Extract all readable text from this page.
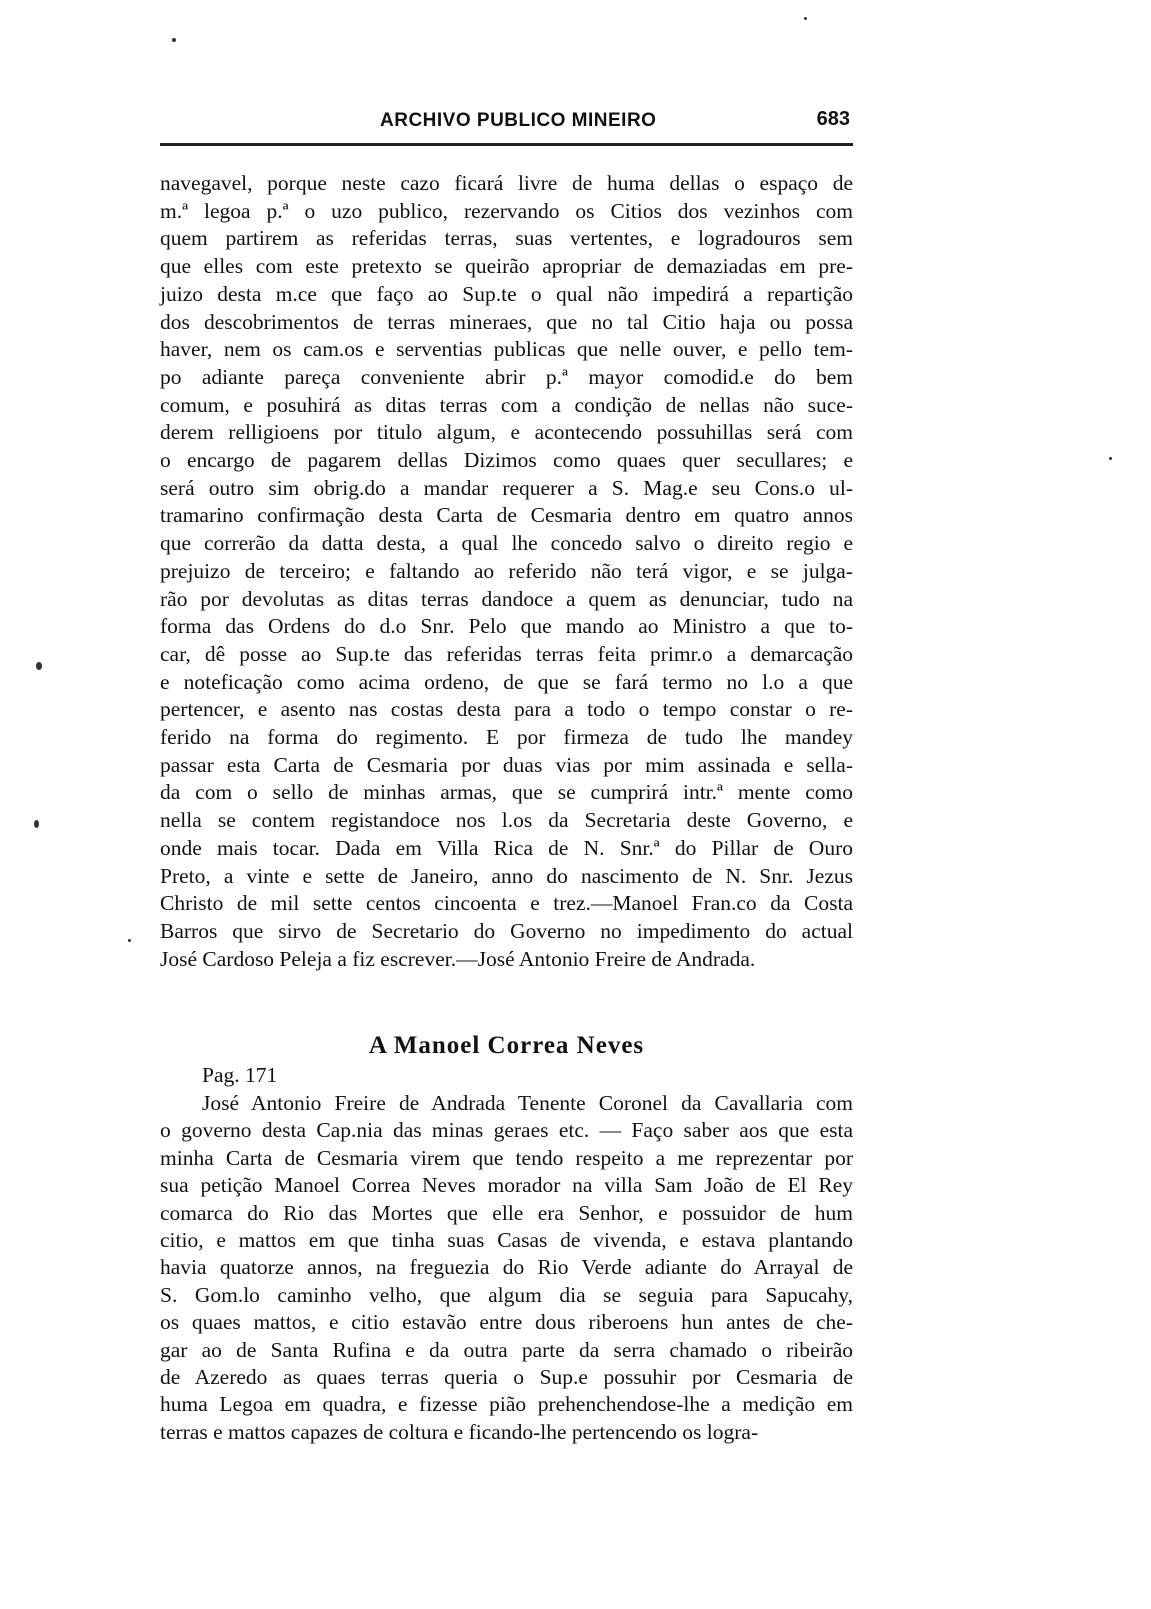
ARCHIVO PUBLICO MINEIRO	683
navegavel, porque neste cazo ficará livre de huma dellas o espaço de
m.ª legoa p.ª o uzo publico, rezervando os Citios dos vezinhos com
quem partirem as referidas terras, suas vertentes, e logradouros sem
que elles com este pretexto se queirão apropriar de demaziadas em pre-
juizo desta m.ce que faço ao Sup.te o qual não impedirá a repartição
dos descobrimentos de terras mineraes, que no tal Citio haja ou possa
haver, nem os cam.os e serventias publicas que nelle ouver, e pello tem-
po adiante pareça conveniente abrir p.ª mayor comodid.e do bem
comum, e posuhirá as ditas terras com a condição de nellas não suce-
derem relligioens por titulo algum, e acontecendo possuhillas será com
o encargo de pagarem dellas Dizimos como quaes quer secullares; e
será outro sim obrig.do a mandar requerer a S. Mag.e seu Cons.o ul-
tramarino confirmação desta Carta de Cesmaria dentro em quatro annos
que correrão da datta desta, a qual lhe concedo salvo o direito regio e
prejuizo de terceiro; e faltando ao referido não terá vigor, e se julga-
rão por devolutas as ditas terras dandoce a quem as denunciar, tudo na
forma das Ordens do d.o Snr. Pelo que mando ao Ministro a que to-
car, dê posse ao Sup.te das referidas terras feita primr.o a demarcação
e noteficação como acima ordeno, de que se fará termo no l.o a que
pertencer, e asento nas costas desta para a todo o tempo constar o re-
ferido na forma do regimento. E por firmeza de tudo lhe mandey
passar esta Carta de Cesmaria por duas vias por mim assinada e sella-
da com o sello de minhas armas, que se cumprirá intr.ª mente como
nella se contem registandoce nos l.os da Secretaria deste Governo, e
onde mais tocar. Dada em Villa Rica de N. Snr.ª do Pillar de Ouro
Preto, a vinte e sette de Janeiro, anno do nascimento de N. Snr. Jezus
Christo de mil sette centos cincoenta e trez.—Manoel Fran.co da Costa
Barros que sirvo de Secretario do Governo no impedimento do actual
José Cardoso Peleja a fiz escrever.—José Antonio Freire de Andrada.
A Manoel Correa Neves
Pag. 171
José Antonio Freire de Andrada Tenente Coronel da Cavallaria com
o governo desta Cap.nia das minas geraes etc. — Faço saber aos que esta
minha Carta de Cesmaria virem que tendo respeito a me reprezentar por
sua petição Manoel Correa Neves morador na villa Sam João de El Rey
comarca do Rio das Mortes que elle era Senhor, e possuidor de hum
citio, e mattos em que tinha suas Casas de vivenda, e estava plantando
havia quatorze annos, na freguezia do Rio Verde adiante do Arrayal de
S. Gom.lo caminho velho, que algum dia se seguia para Sapucahy,
os quaes mattos, e citio estavão entre dous riberoens hun antes de che-
gar ao de Santa Rufina e da outra parte da serra chamado o ribeirão
de Azeredo as quaes terras queria o Sup.e possuhir por Cesmaria de
huma Legoa em quadra, e fizesse pião prehenchendose-lhe a medição em
terras e mattos capazes de coltura e ficando-lhe pertencendo os logra-
